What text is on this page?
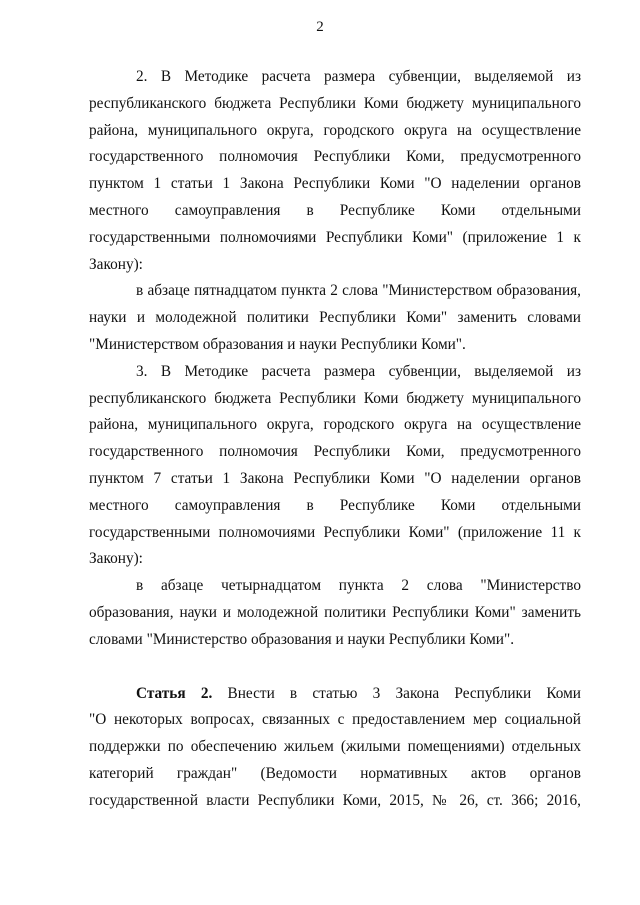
2
2. В Методике расчета размера субвенции, выделяемой из
республиканского бюджета Республики Коми бюджету муниципального
района, муниципального округа, городского округа на осуществление
государственного полномочия Республики Коми, предусмотренного
пунктом 1 статьи 1 Закона Республики Коми "О наделении органов
местного самоуправления в Республике Коми отдельными
государственными полномочиями Республики Коми" (приложение 1 к
Закону):
в абзаце пятнадцатом пункта 2 слова "Министерством образования,
науки и молодежной политики Республики Коми" заменить словами
"Министерством образования и науки Республики Коми".
3. В Методике расчета размера субвенции, выделяемой из
республиканского бюджета Республики Коми бюджету муниципального
района, муниципального округа, городского округа на осуществление
государственного полномочия Республики Коми, предусмотренного
пунктом 7 статьи 1 Закона Республики Коми "О наделении органов
местного самоуправления в Республике Коми отдельными
государственными полномочиями Республики Коми" (приложение 11 к
Закону):
в абзаце четырнадцатом пункта 2 слова "Министерство
образования, науки и молодежной политики Республики Коми" заменить
словами "Министерство образования и науки Республики Коми".
Статья 2. Внести в статью 3 Закона Республики Коми
"О некоторых вопросах, связанных с предоставлением мер социальной
поддержки по обеспечению жильем (жилыми помещениями) отдельных
категорий граждан" (Ведомости нормативных актов органов
государственной власти Республики Коми, 2015, № 26, ст. 366; 2016,
